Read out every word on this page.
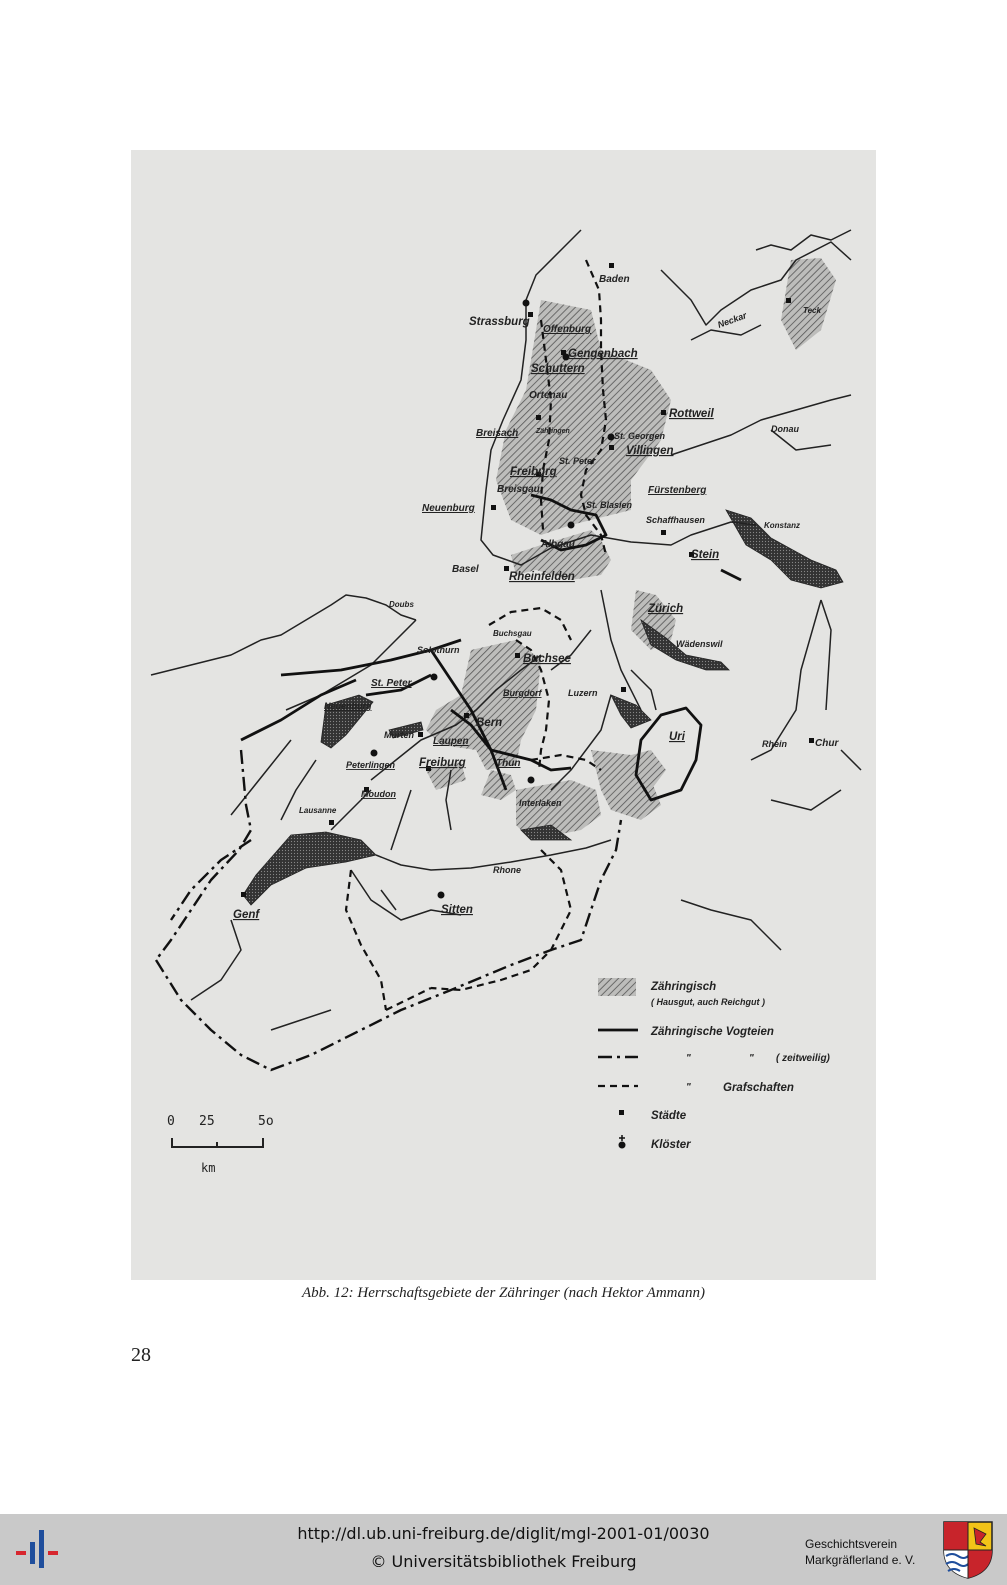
Baden
Strassburg
Offenburg
Gengenbach
Schuttern
Ortenau
Breisach	Zähringen	St. Georgen
St. Peter
Freiburg
Breisgau
Villingen
Rottweil
Fürstenberg
Neuenburg	St. Blasien
Schaffhausen
Konstanz
Stein
Albgau
Basel
Rheinfelden
Teck
Zürich
Wädenswil
Buchsgau
Solothurn
Buchsee
St. Peter
Burgdorf	Luzern
Neuenburg
Bern
Murten
Laupen
Peterlingen Freiburg	Thun
Uri
Chur
Moudon
Interlaken
Lausanne
Genf	Sitten
Neckar
Donau
Doubs
Rhein
Rhone
Zähringisch
( Hausgut, auch Reichgut )
Zähringische Vogteien
"	" ( zeitweilig)
"	Grafschaften
Städte
Klöster
0 25	5o
km
Abb. 12: Herrschaftsgebiete der Zähringer (nach Hektor Ammann)
28
http://dl.ub.uni-freiburg.de/diglit/mgl-2001-01/0030
© Universitätsbibliothek Freiburg
Geschichtsverein
Markgräflerland e. V.
